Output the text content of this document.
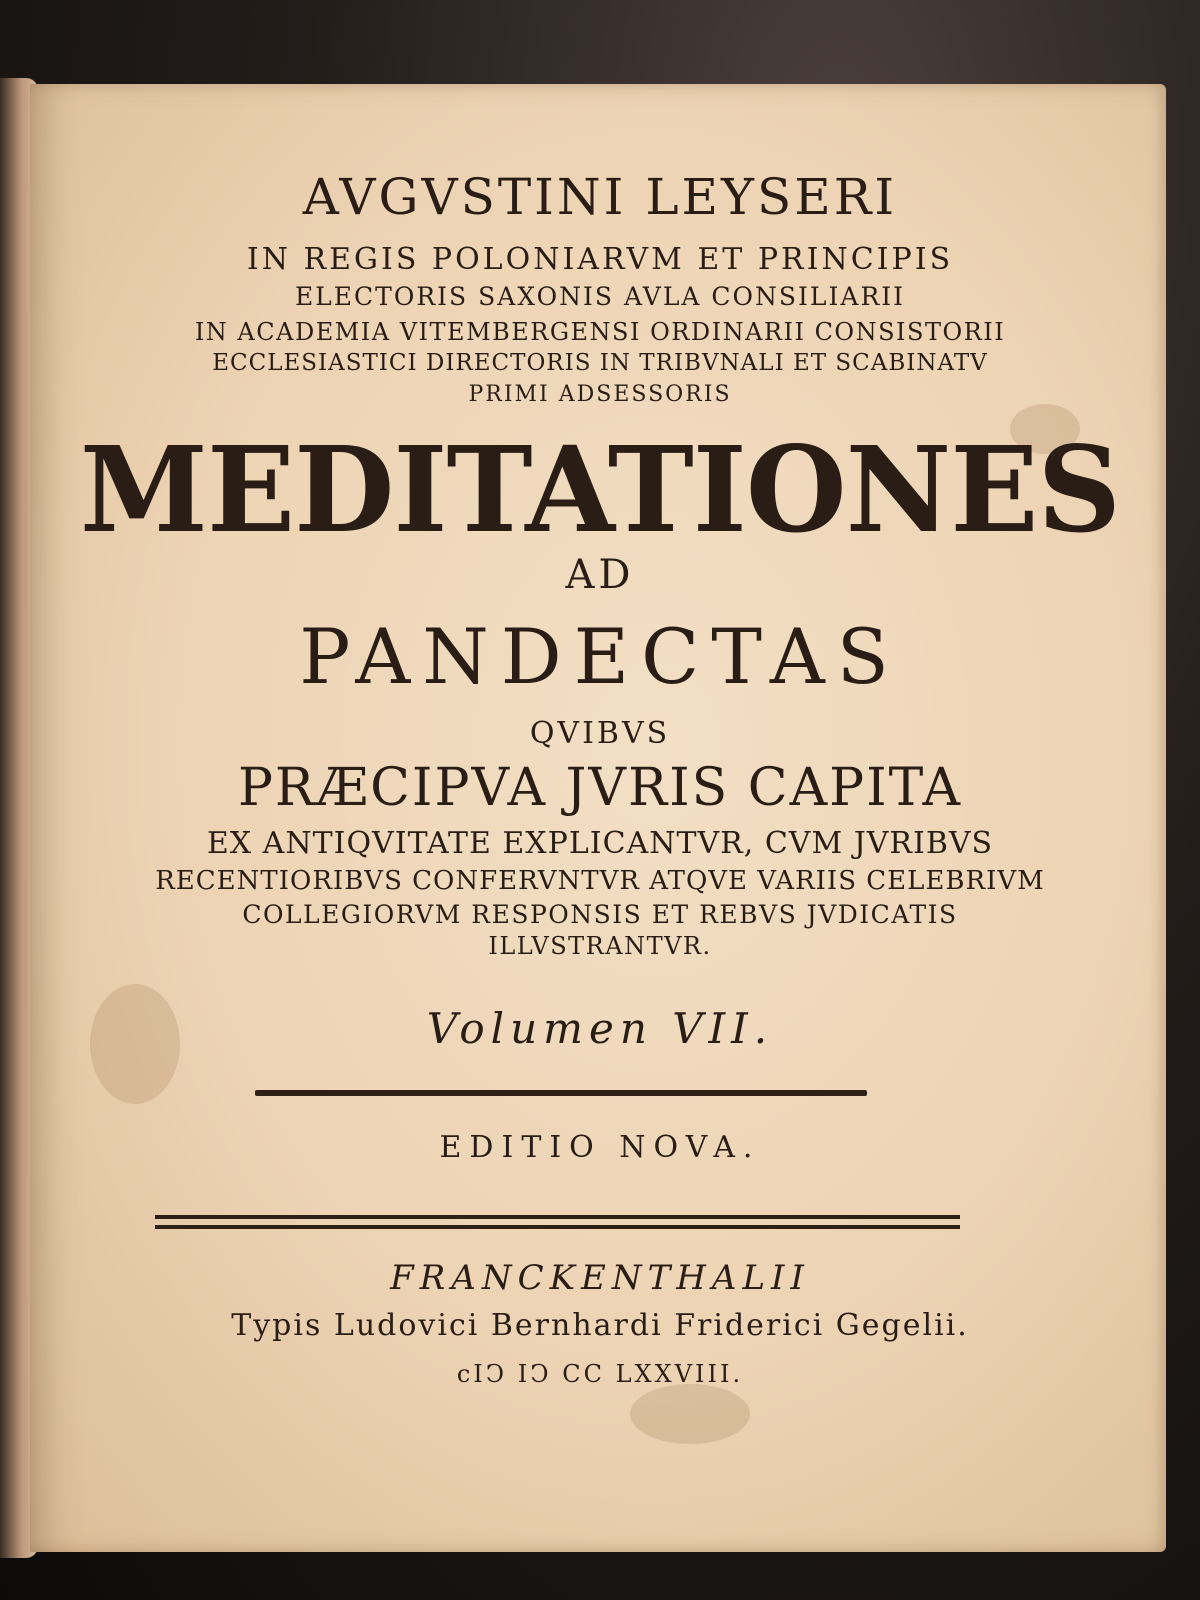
AVGVSTINI LEYSERI
IN REGIS POLONIARVM ET PRINCIPIS
ELECTORIS SAXONIS AVLA CONSILIARII
IN ACADEMIA VITEMBERGENSI ORDINARII CONSISTORII
ECCLESIASTICI DIRECTORIS IN TRIBVNALI ET SCABINATV
PRIMI ADSESSORIS
MEDITATIONES
AD
PANDECTAS
QVIBVS
PRÆCIPVA JVRIS CAPITA
EX ANTIQVITATE EXPLICANTVR, CVM JVRIBVS
RECENTIORIBVS CONFERVNTVR ATQVE VARIIS CELEBRIVM
COLLEGIORVM RESPONSIS ET REBVS JVDICATIS
ILLVSTRANTVR.
Volumen VII.
EDITIO NOVA.
FRANCKENTHALII
Typis Ludovici Bernhardi Friderici Gegelii.
cIↃ IↃ CC LXXVIII.
